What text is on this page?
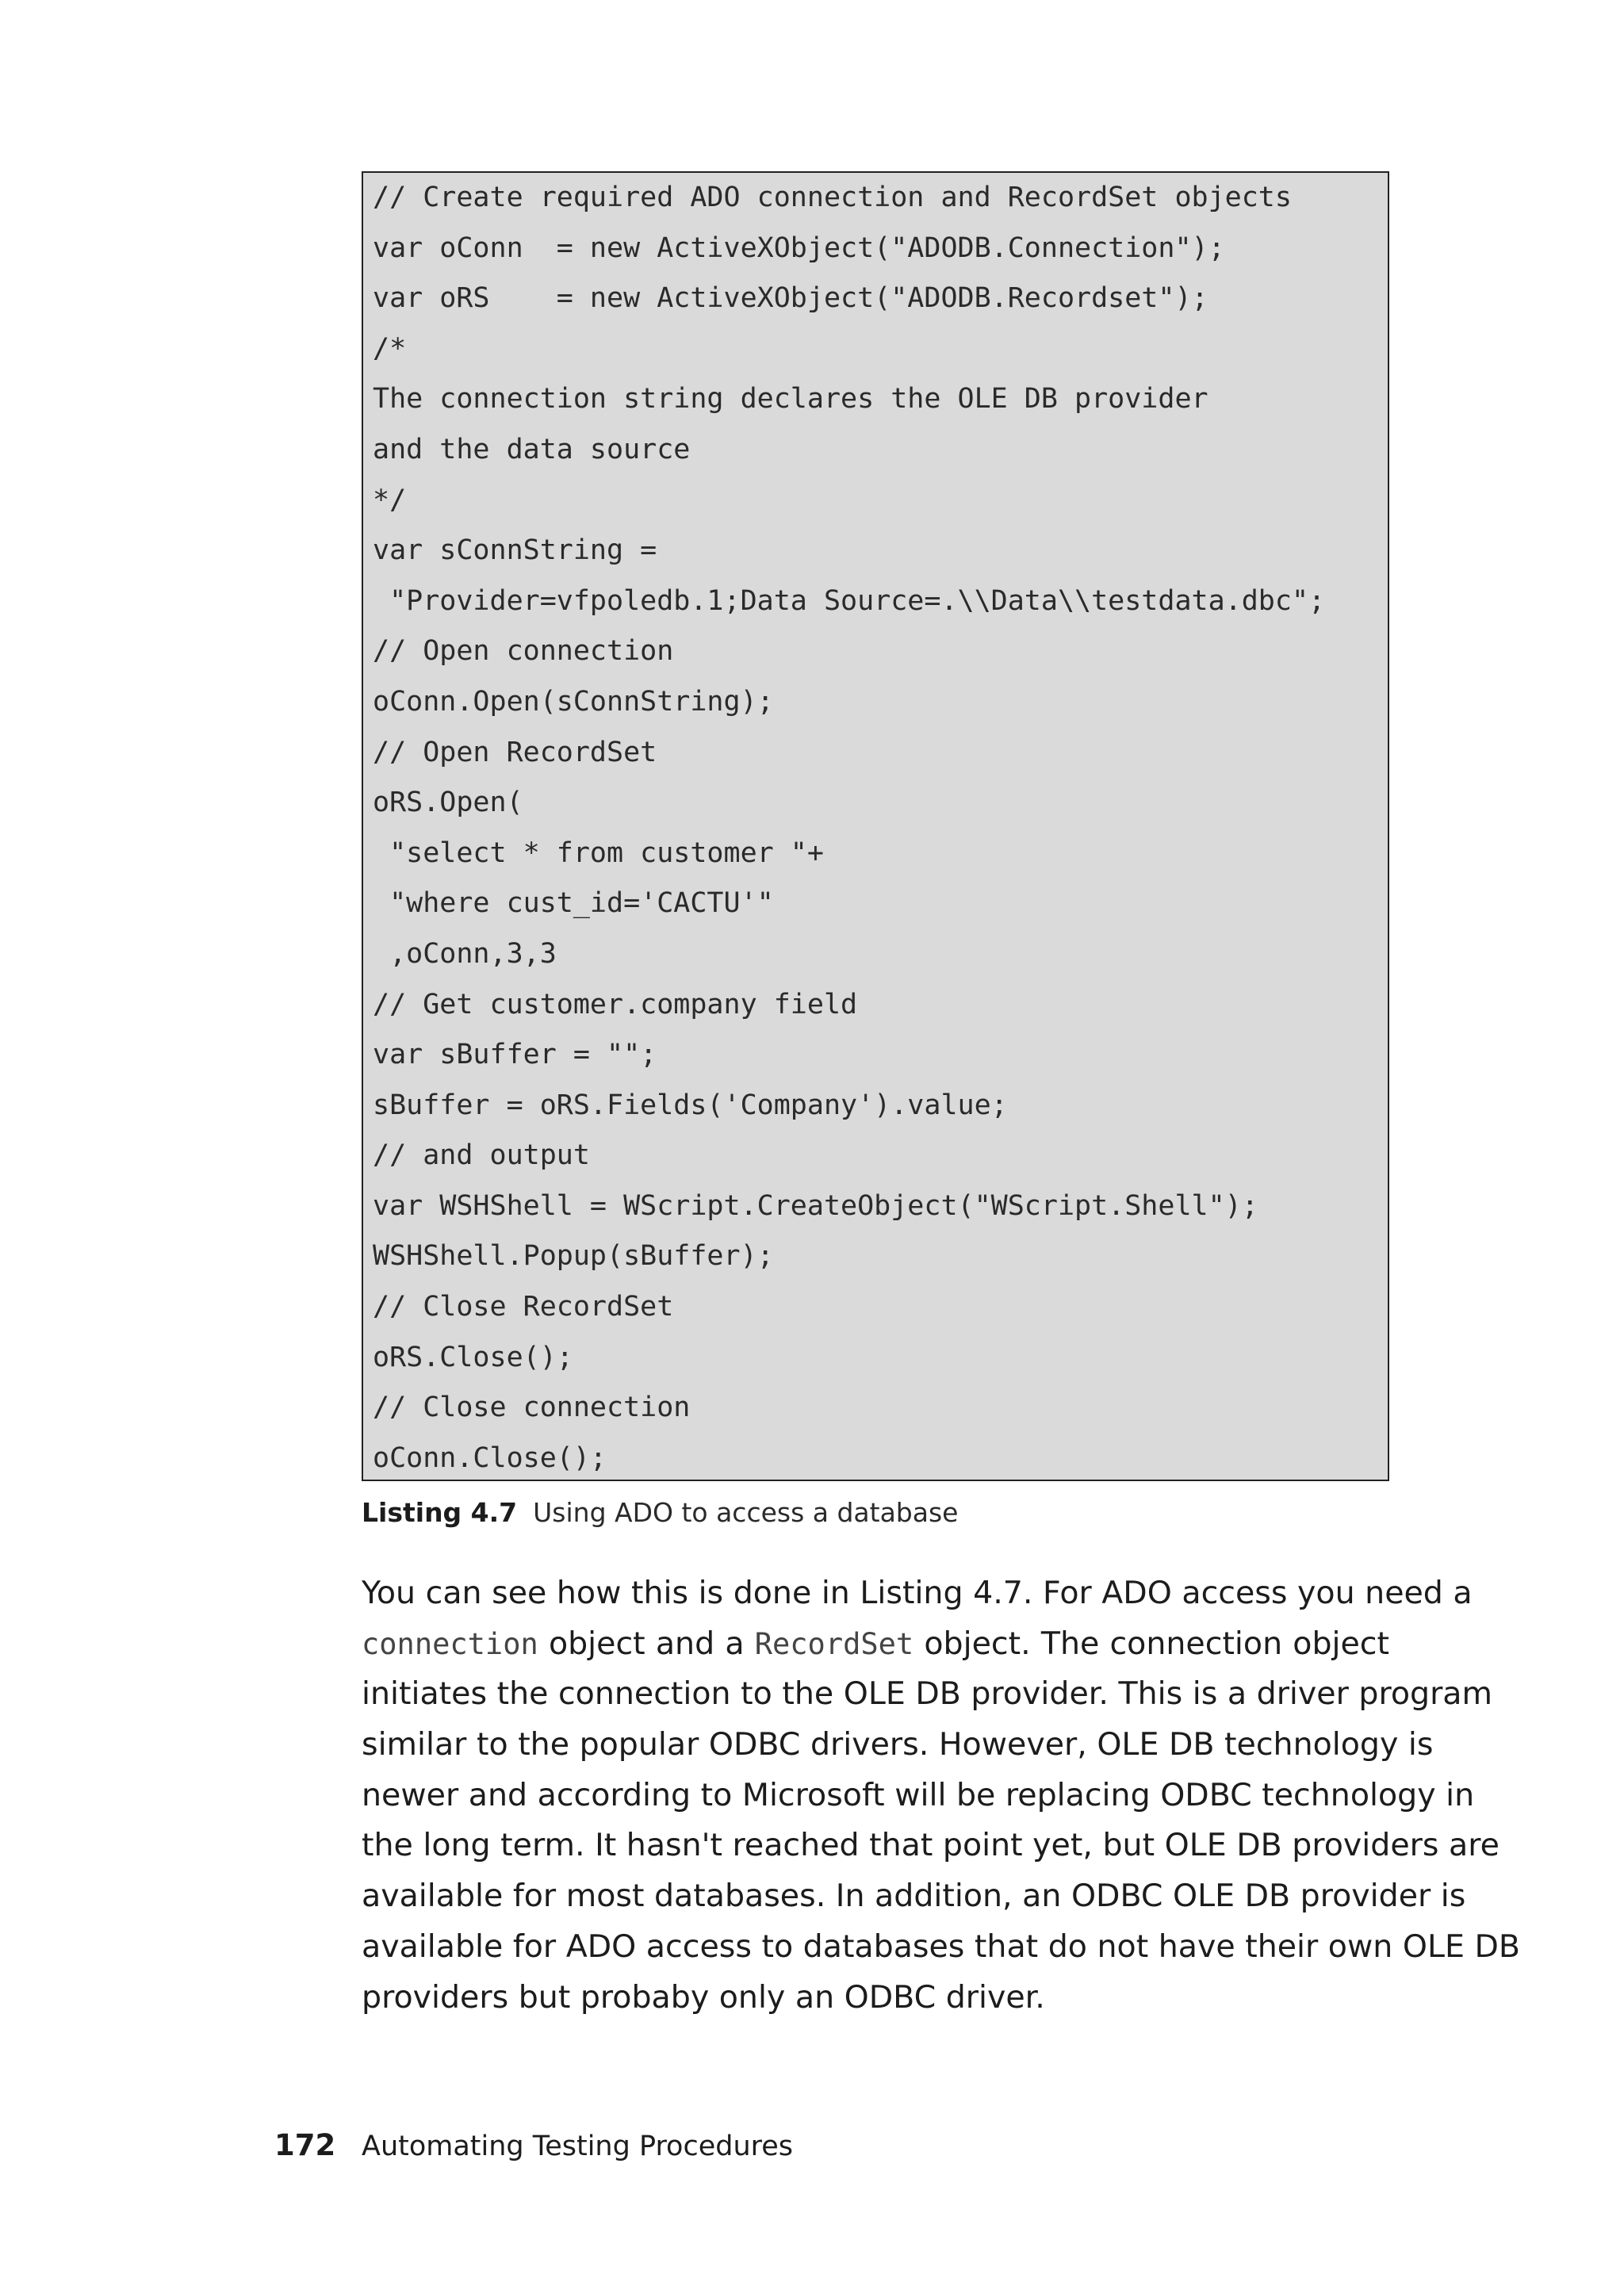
// Create required ADO connection and RecordSet objects
var oConn  = new ActiveXObject("ADODB.Connection");
var oRS    = new ActiveXObject("ADODB.Recordset");
/*
The connection string declares the OLE DB provider
and the data source
*/
var sConnString =
"Provider=vfpoledb.1;Data Source=.\\Data\\testdata.dbc";
// Open connection
oConn.Open(sConnString);
// Open RecordSet
oRS.Open(
"select * from customer "+
"where cust_id='CACTU'"
,oConn,3,3
// Get customer.company field
var sBuffer = "";
sBuffer = oRS.Fields('Company').value;
// and output
var WSHShell = WScript.CreateObject("WScript.Shell");
WSHShell.Popup(sBuffer);
// Close RecordSet
oRS.Close();
// Close connection
oConn.Close();
Listing 4.7 Using ADO to access a database
You can see how this is done in Listing 4.7. For ADO access you need a
connection object and a RecordSet object. The connection object
initiates the connection to the OLE DB provider. This is a driver program
similar to the popular ODBC drivers. However, OLE DB technology is
newer and according to Microsoft will be replacing ODBC technology in
the long term. It hasn't reached that point yet, but OLE DB providers are
available for most databases. In addition, an ODBC OLE DB provider is
available for ADO access to databases that do not have their own OLE DB
providers but probaby only an ODBC driver.
172 Automating Testing Procedures
